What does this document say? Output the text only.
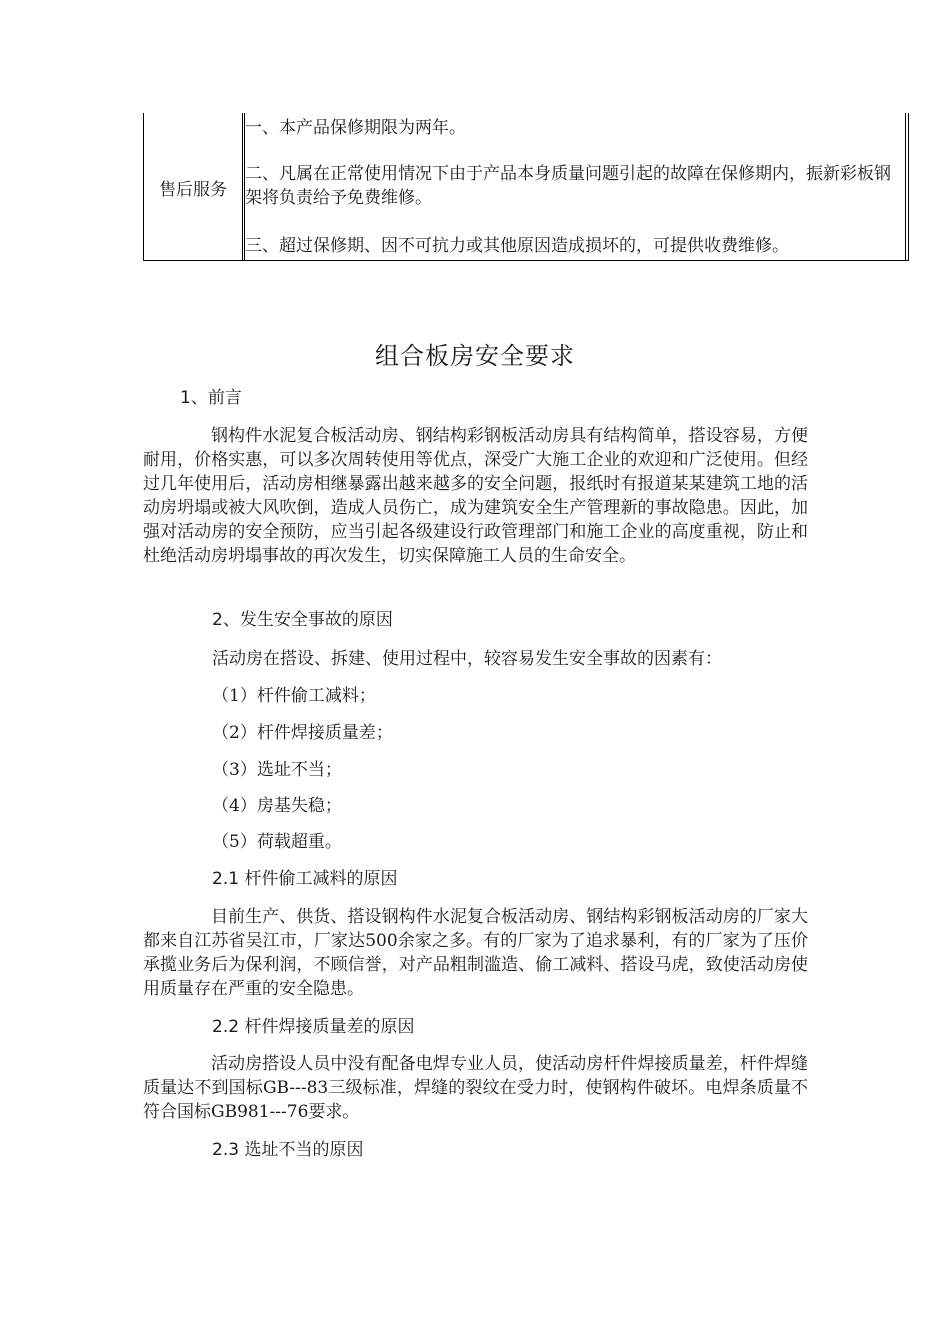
售后服务
一、本产品保修期限为两年。
二、凡属在正常使用情况下由于产品本身质量问题引起的故障在保修期内，振新彩板钢架将负责给予免费维修。
三、超过保修期、因不可抗力或其他原因造成损坏的，可提供收费维修。
组合板房安全要求
1、前言
钢构件水泥复合板活动房、钢结构彩钢板活动房具有结构简单，搭设容易，方便耐用，价格实惠，可以多次周转使用等优点，深受广大施工企业的欢迎和广泛使用。但经过几年使用后，活动房相继暴露出越来越多的安全问题，报纸时有报道某某建筑工地的活动房坍塌或被大风吹倒，造成人员伤亡，成为建筑安全生产管理新的事故隐患。因此，加强对活动房的安全预防，应当引起各级建设行政管理部门和施工企业的高度重视，防止和杜绝活动房坍塌事故的再次发生，切实保障施工人员的生命安全。
2、发生安全事故的原因
活动房在搭设、拆建、使用过程中，较容易发生安全事故的因素有：
（1）杆件偷工减料；
（2）杆件焊接质量差；
（3）选址不当；
（4）房基失稳；
（5）荷载超重。
2.1 杆件偷工减料的原因
目前生产、供货、搭设钢构件水泥复合板活动房、钢结构彩钢板活动房的厂家大都来自江苏省吴江市，厂家达500余家之多。有的厂家为了追求暴利，有的厂家为了压价承揽业务后为保利润，不顾信誉，对产品粗制滥造、偷工减料、搭设马虎，致使活动房使用质量存在严重的安全隐患。
2.2 杆件焊接质量差的原因
活动房搭设人员中没有配备电焊专业人员，使活动房杆件焊接质量差，杆件焊缝质量达不到国标GB---83三级标准，焊缝的裂纹在受力时，使钢构件破坏。电焊条质量不符合国标GB981---76要求。
2.3 选址不当的原因
